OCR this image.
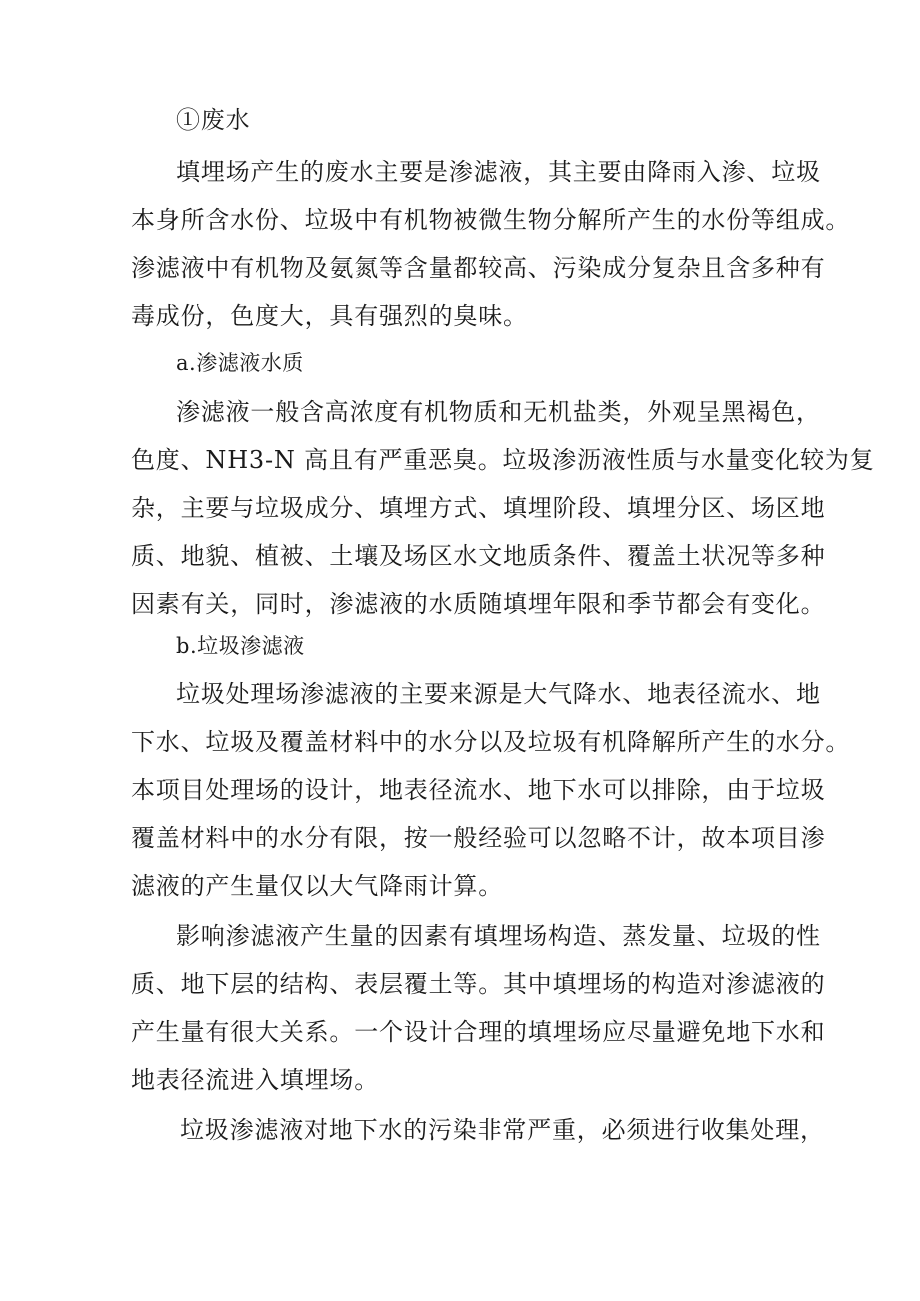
①废水
填埋场产生的废水主要是渗滤液，其主要由降雨入渗、垃圾
本身所含水份、垃圾中有机物被微生物分解所产生的水份等组成。
渗滤液中有机物及氨氮等含量都较高、污染成分复杂且含多种有
毒成份，色度大，具有强烈的臭味。
a.渗滤液水质
渗滤液一般含高浓度有机物质和无机盐类，外观呈黑褐色，
色度、NH3-N 高且有严重恶臭。垃圾渗沥液性质与水量变化较为复
杂，主要与垃圾成分、填埋方式、填埋阶段、填埋分区、场区地
质、地貌、植被、土壤及场区水文地质条件、覆盖土状况等多种
因素有关，同时，渗滤液的水质随填埋年限和季节都会有变化。
b.垃圾渗滤液
垃圾处理场渗滤液的主要来源是大气降水、地表径流水、地
下水、垃圾及覆盖材料中的水分以及垃圾有机降解所产生的水分。
本项目处理场的设计，地表径流水、地下水可以排除，由于垃圾
覆盖材料中的水分有限，按一般经验可以忽略不计，故本项目渗
滤液的产生量仅以大气降雨计算。
影响渗滤液产生量的因素有填埋场构造、蒸发量、垃圾的性
质、地下层的结构、表层覆土等。其中填埋场的构造对渗滤液的
产生量有很大关系。一个设计合理的填埋场应尽量避免地下水和
地表径流进入填埋场。
垃圾渗滤液对地下水的污染非常严重，必须进行收集处理，
